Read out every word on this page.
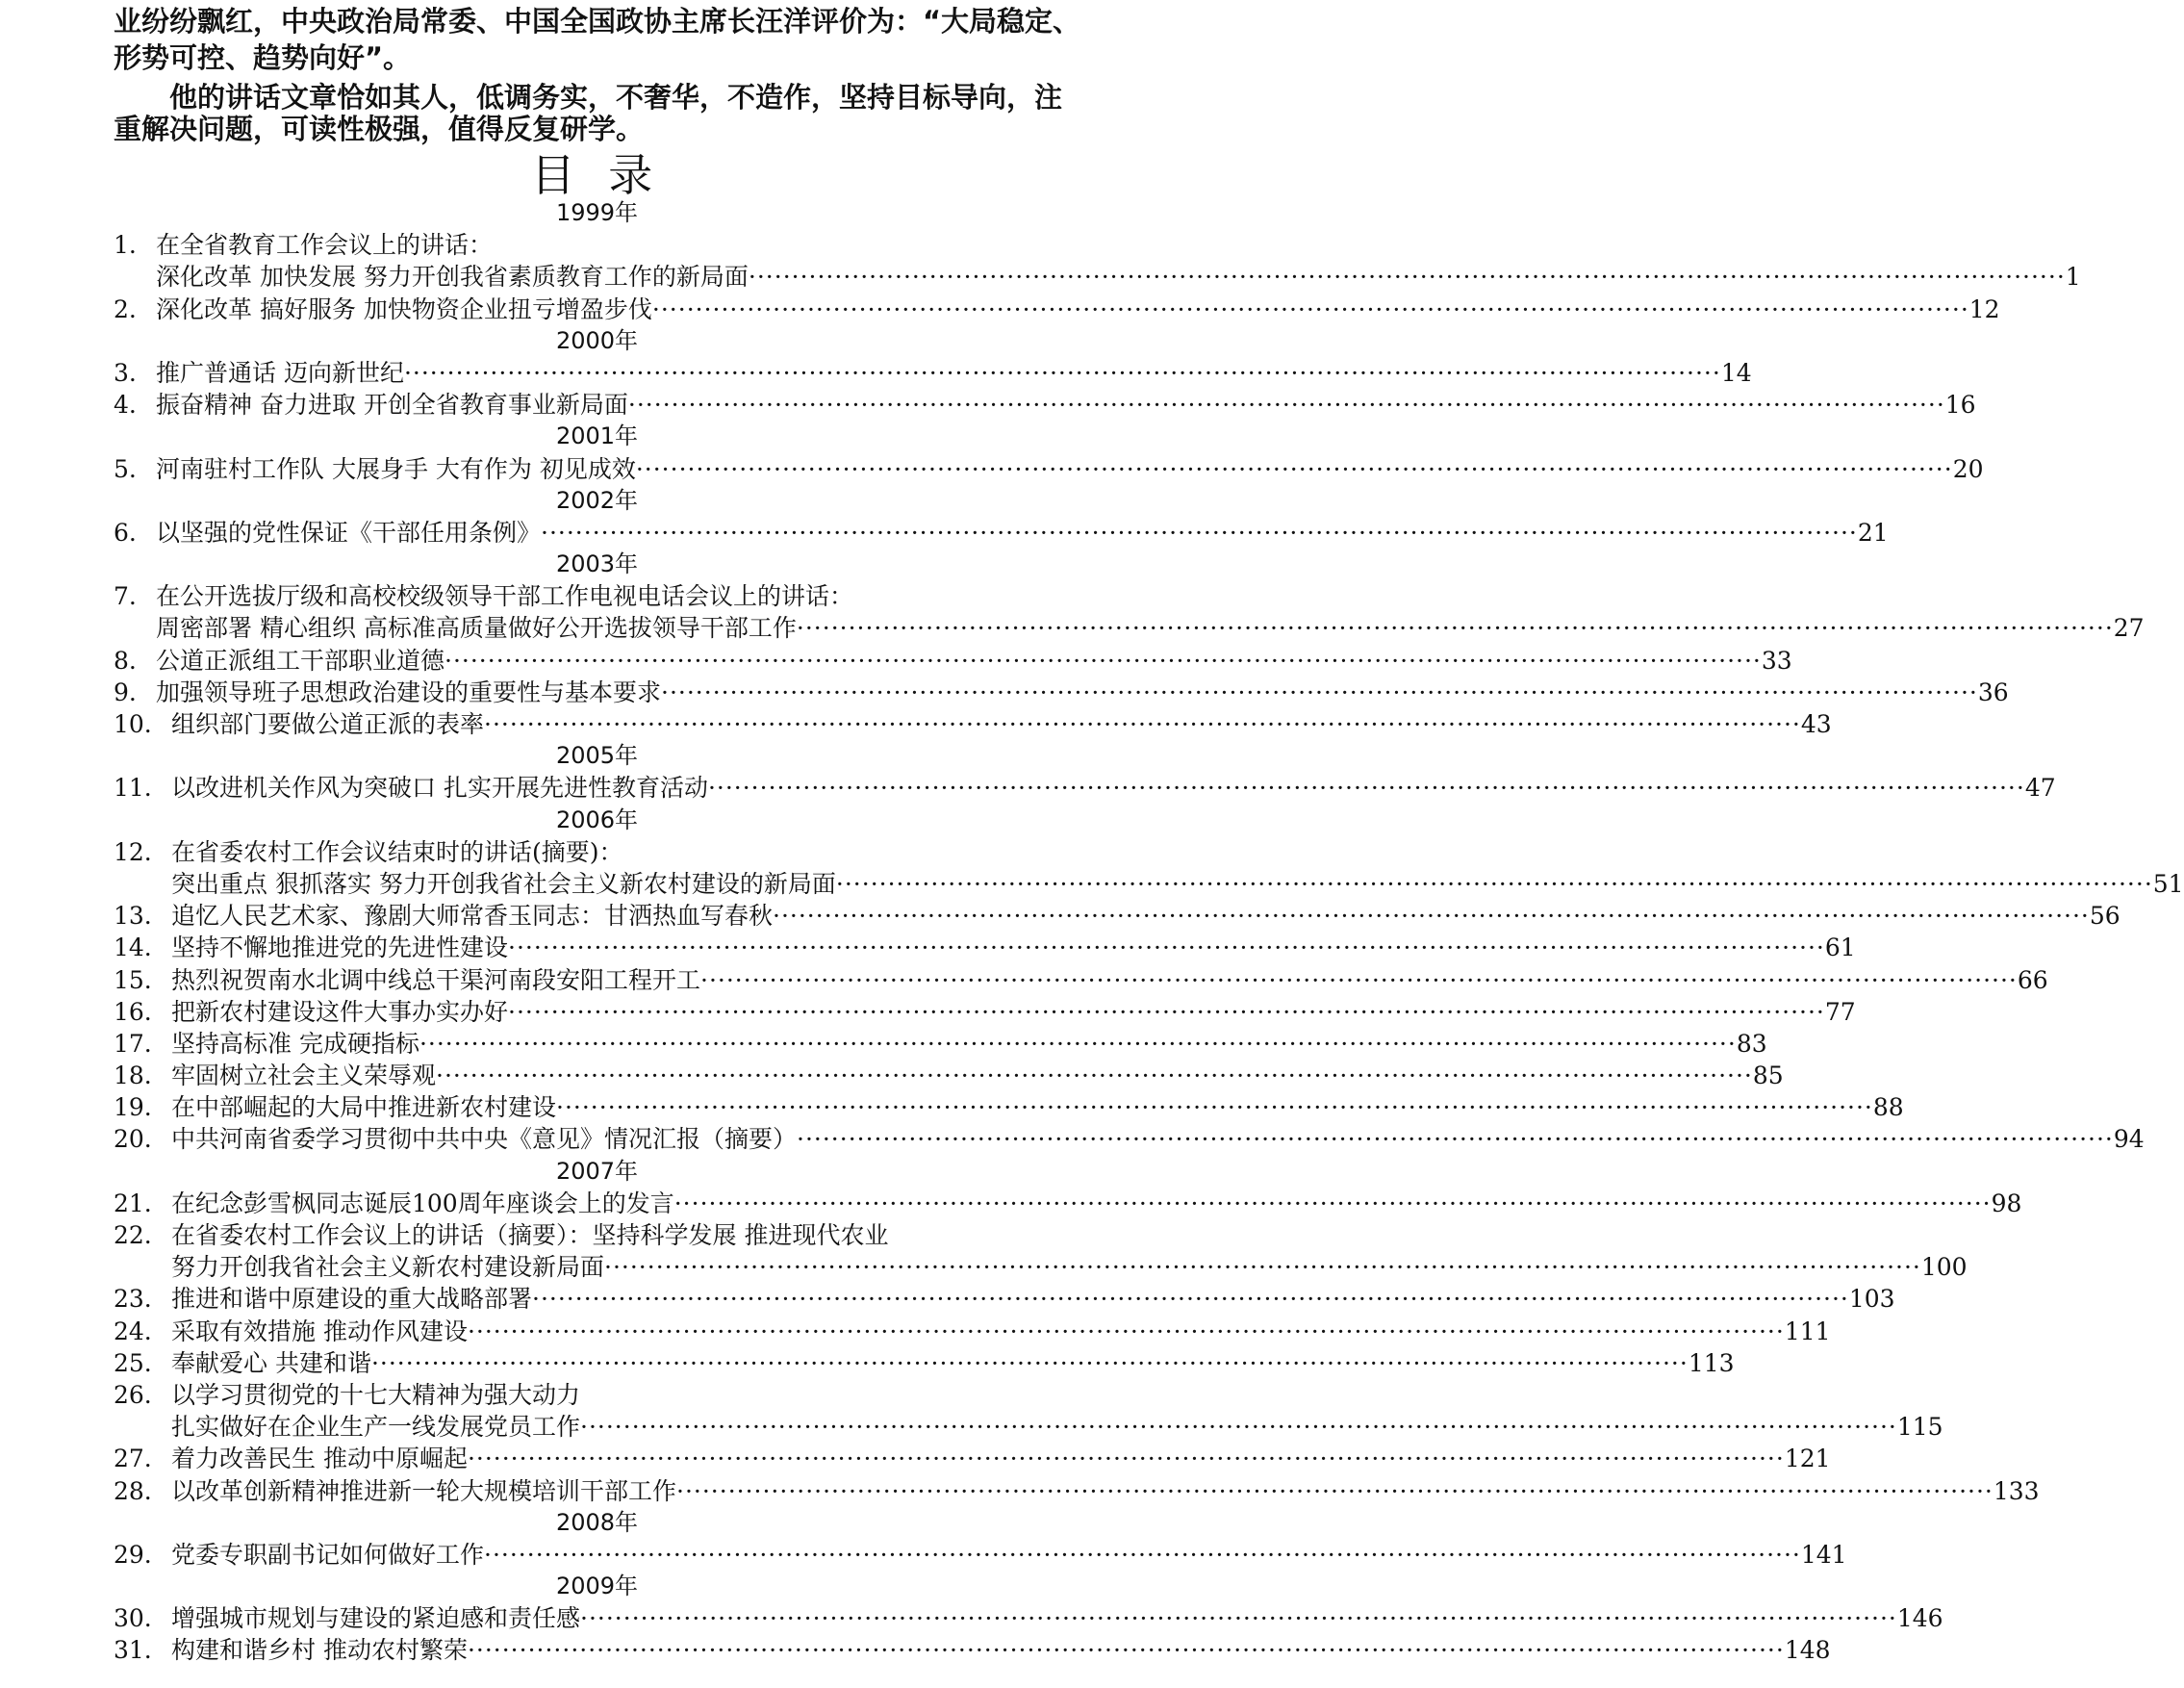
业纷纷飘红，中央政治局常委、中国全国政协主席长汪洋评价为：“大局稳定、形势可控、趋势向好”。

他的讲话文章恰如其人，低调务实，不奢华，不造作，坚持目标导向，注重解决问题，可读性极强，值得反复研学。

目 录
1999年
1. 在全省教育工作会议上的讲话：
深化改革 加快发展 努力开创我省素质教育工作的新局面 ·····	1
2. 深化改革 搞好服务 加快物资企业扭亏增盈步伐 ·····	12
2000年
3. 推广普通话 迈向新世纪 ·····	14
4. 振奋精神 奋力进取 开创全省教育事业新局面 ·····	16
2001年
5. 河南驻村工作队 大展身手 大有作为 初见成效 ·····	20
2002年
6. 以坚强的党性保证《干部任用条例》 ·····	21
2003年
7. 在公开选拔厅级和高校校级领导干部工作电视电话会议上的讲话：
周密部署 精心组织 高标准高质量做好公开选拔领导干部工作 ·····	27
8. 公道正派组工干部职业道德 ·····	33
9. 加强领导班子思想政治建设的重要性与基本要求 ·····	36
10. 组织部门要做公道正派的表率 ·····	43
2005年
11. 以改进机关作风为突破口 扎实开展先进性教育活动 ·····	47
2006年
12. 在省委农村工作会议结束时的讲话(摘要)：
突出重点 狠抓落实 努力开创我省社会主义新农村建设的新局面 ·····	51
13. 追忆人民艺术家、豫剧大师常香玉同志：甘洒热血写春秋 ·····	56
14. 坚持不懈地推进党的先进性建设 ·····	61
15. 热烈祝贺南水北调中线总干渠河南段安阳工程开工 ·····	66
16. 把新农村建设这件大事办实办好 ·····	77
17. 坚持高标准 完成硬指标 ·····	83
18. 牢固树立社会主义荣辱观 ·····	85
19. 在中部崛起的大局中推进新农村建设 ·····	88
20. 中共河南省委学习贯彻中共中央《意见》情况汇报（摘要） ·····	94
2007年
21. 在纪念彭雪枫同志诞辰100周年座谈会上的发言 ·····	98
22. 在省委农村工作会议上的讲话（摘要）：坚持科学发展 推进现代农业
努力开创我省社会主义新农村建设新局面 ·····	100
23. 推进和谐中原建设的重大战略部署 ·····	103
24. 采取有效措施 推动作风建设 ·····	111
25. 奉献爱心 共建和谐 ·····	113
26. 以学习贯彻党的十七大精神为强大动力
扎实做好在企业生产一线发展党员工作 ·····	115
27. 着力改善民生 推动中原崛起 ·····	121
28. 以改革创新精神推进新一轮大规模培训干部工作 ·····	133
2008年
29. 党委专职副书记如何做好工作 ·····	141
2009年
30. 增强城市规划与建设的紧迫感和责任感 ·····	146
31. 构建和谐乡村 推动农村繁荣 ·····	148
